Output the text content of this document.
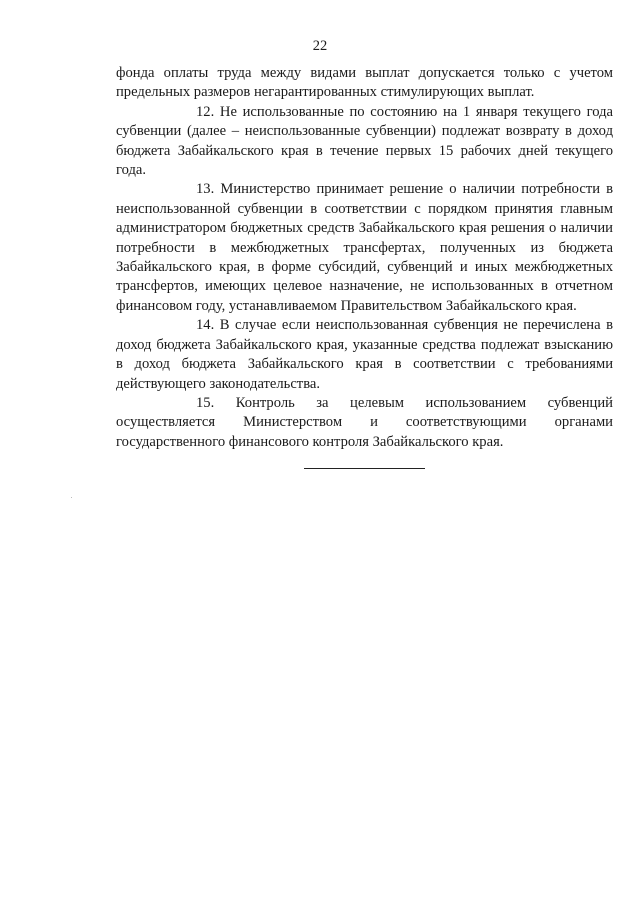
22

фонда оплаты труда между видами выплат допускается только с учетом предельных размеров негарантированных стимулирующих выплат.

12. Не использованные по состоянию на 1 января текущего года субвенции (далее – неиспользованные субвенции) подлежат возврату в доход бюджета Забайкальского края в течение первых 15 рабочих дней текущего года.

13. Министерство принимает решение о наличии потребности в неиспользованной субвенции в соответствии с порядком принятия главным администратором бюджетных средств Забайкальского края решения о наличии потребности в межбюджетных трансфертах, полученных из бюджета Забайкальского края, в форме субсидий, субвенций и иных межбюджетных трансфертов, имеющих целевое назначение, не использованных в отчетном финансовом году, устанавливаемом Правительством Забайкальского края.

14. В случае если неиспользованная субвенция не перечислена в доход бюджета Забайкальского края, указанные средства подлежат взысканию в доход бюджета Забайкальского края в соответствии с требованиями действующего законодательства.

15. Контроль за целевым использованием субвенций осуществляется Министерством и соответствующими органами государственного финансового контроля Забайкальского края.
